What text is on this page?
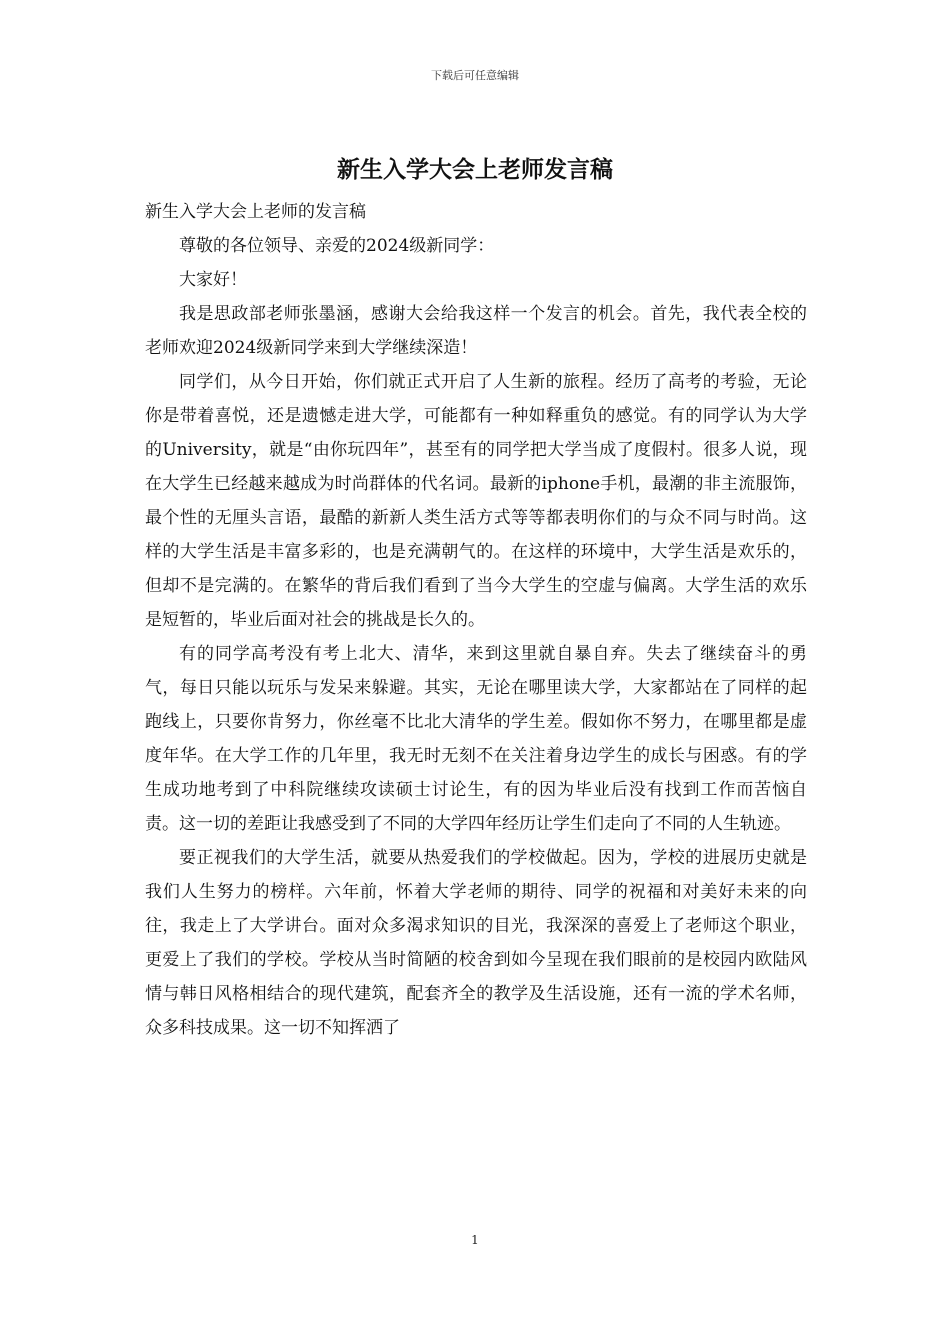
下载后可任意编辑
新生入学大会上老师发言稿

新生入学大会上老师的发言稿

尊敬的各位领导、亲爱的2024级新同学：

大家好！

我是思政部老师张墨涵，感谢大会给我这样一个发言的机会。首先，我代表全校的老师欢迎2024级新同学来到大学继续深造！

同学们，从今日开始，你们就正式开启了人生新的旅程。经历了高考的考验，无论你是带着喜悦，还是遗憾走进大学，可能都有一种如释重负的感觉。有的同学认为大学的University，就是“由你玩四年”，甚至有的同学把大学当成了度假村。很多人说，现在大学生已经越来越成为时尚群体的代名词。最新的iphone手机，最潮的非主流服饰，最个性的无厘头言语，最酷的新新人类生活方式等等都表明你们的与众不同与时尚。这样的大学生活是丰富多彩的，也是充满朝气的。在这样的环境中，大学生活是欢乐的，但却不是完满的。在繁华的背后我们看到了当今大学生的空虚与偏离。大学生活的欢乐是短暂的，毕业后面对社会的挑战是长久的。

有的同学高考没有考上北大、清华，来到这里就自暴自弃。失去了继续奋斗的勇气，每日只能以玩乐与发呆来躲避。其实，无论在哪里读大学，大家都站在了同样的起跑线上，只要你肯努力，你丝毫不比北大清华的学生差。假如你不努力，在哪里都是虚度年华。在大学工作的几年里，我无时无刻不在关注着身边学生的成长与困惑。有的学生成功地考到了中科院继续攻读硕士讨论生，有的因为毕业后没有找到工作而苦恼自责。这一切的差距让我感受到了不同的大学四年经历让学生们走向了不同的人生轨迹。

要正视我们的大学生活，就要从热爱我们的学校做起。因为，学校的进展历史就是我们人生努力的榜样。六年前，怀着大学老师的期待、同学的祝福和对美好未来的向往，我走上了大学讲台。面对众多渴求知识的目光，我深深的喜爱上了老师这个职业，更爱上了我们的学校。学校从当时简陋的校舍到如今呈现在我们眼前的是校园内欧陆风情与韩日风格相结合的现代建筑，配套齐全的教学及生活设施，还有一流的学术名师，众多科技成果。这一切不知挥洒了

1
